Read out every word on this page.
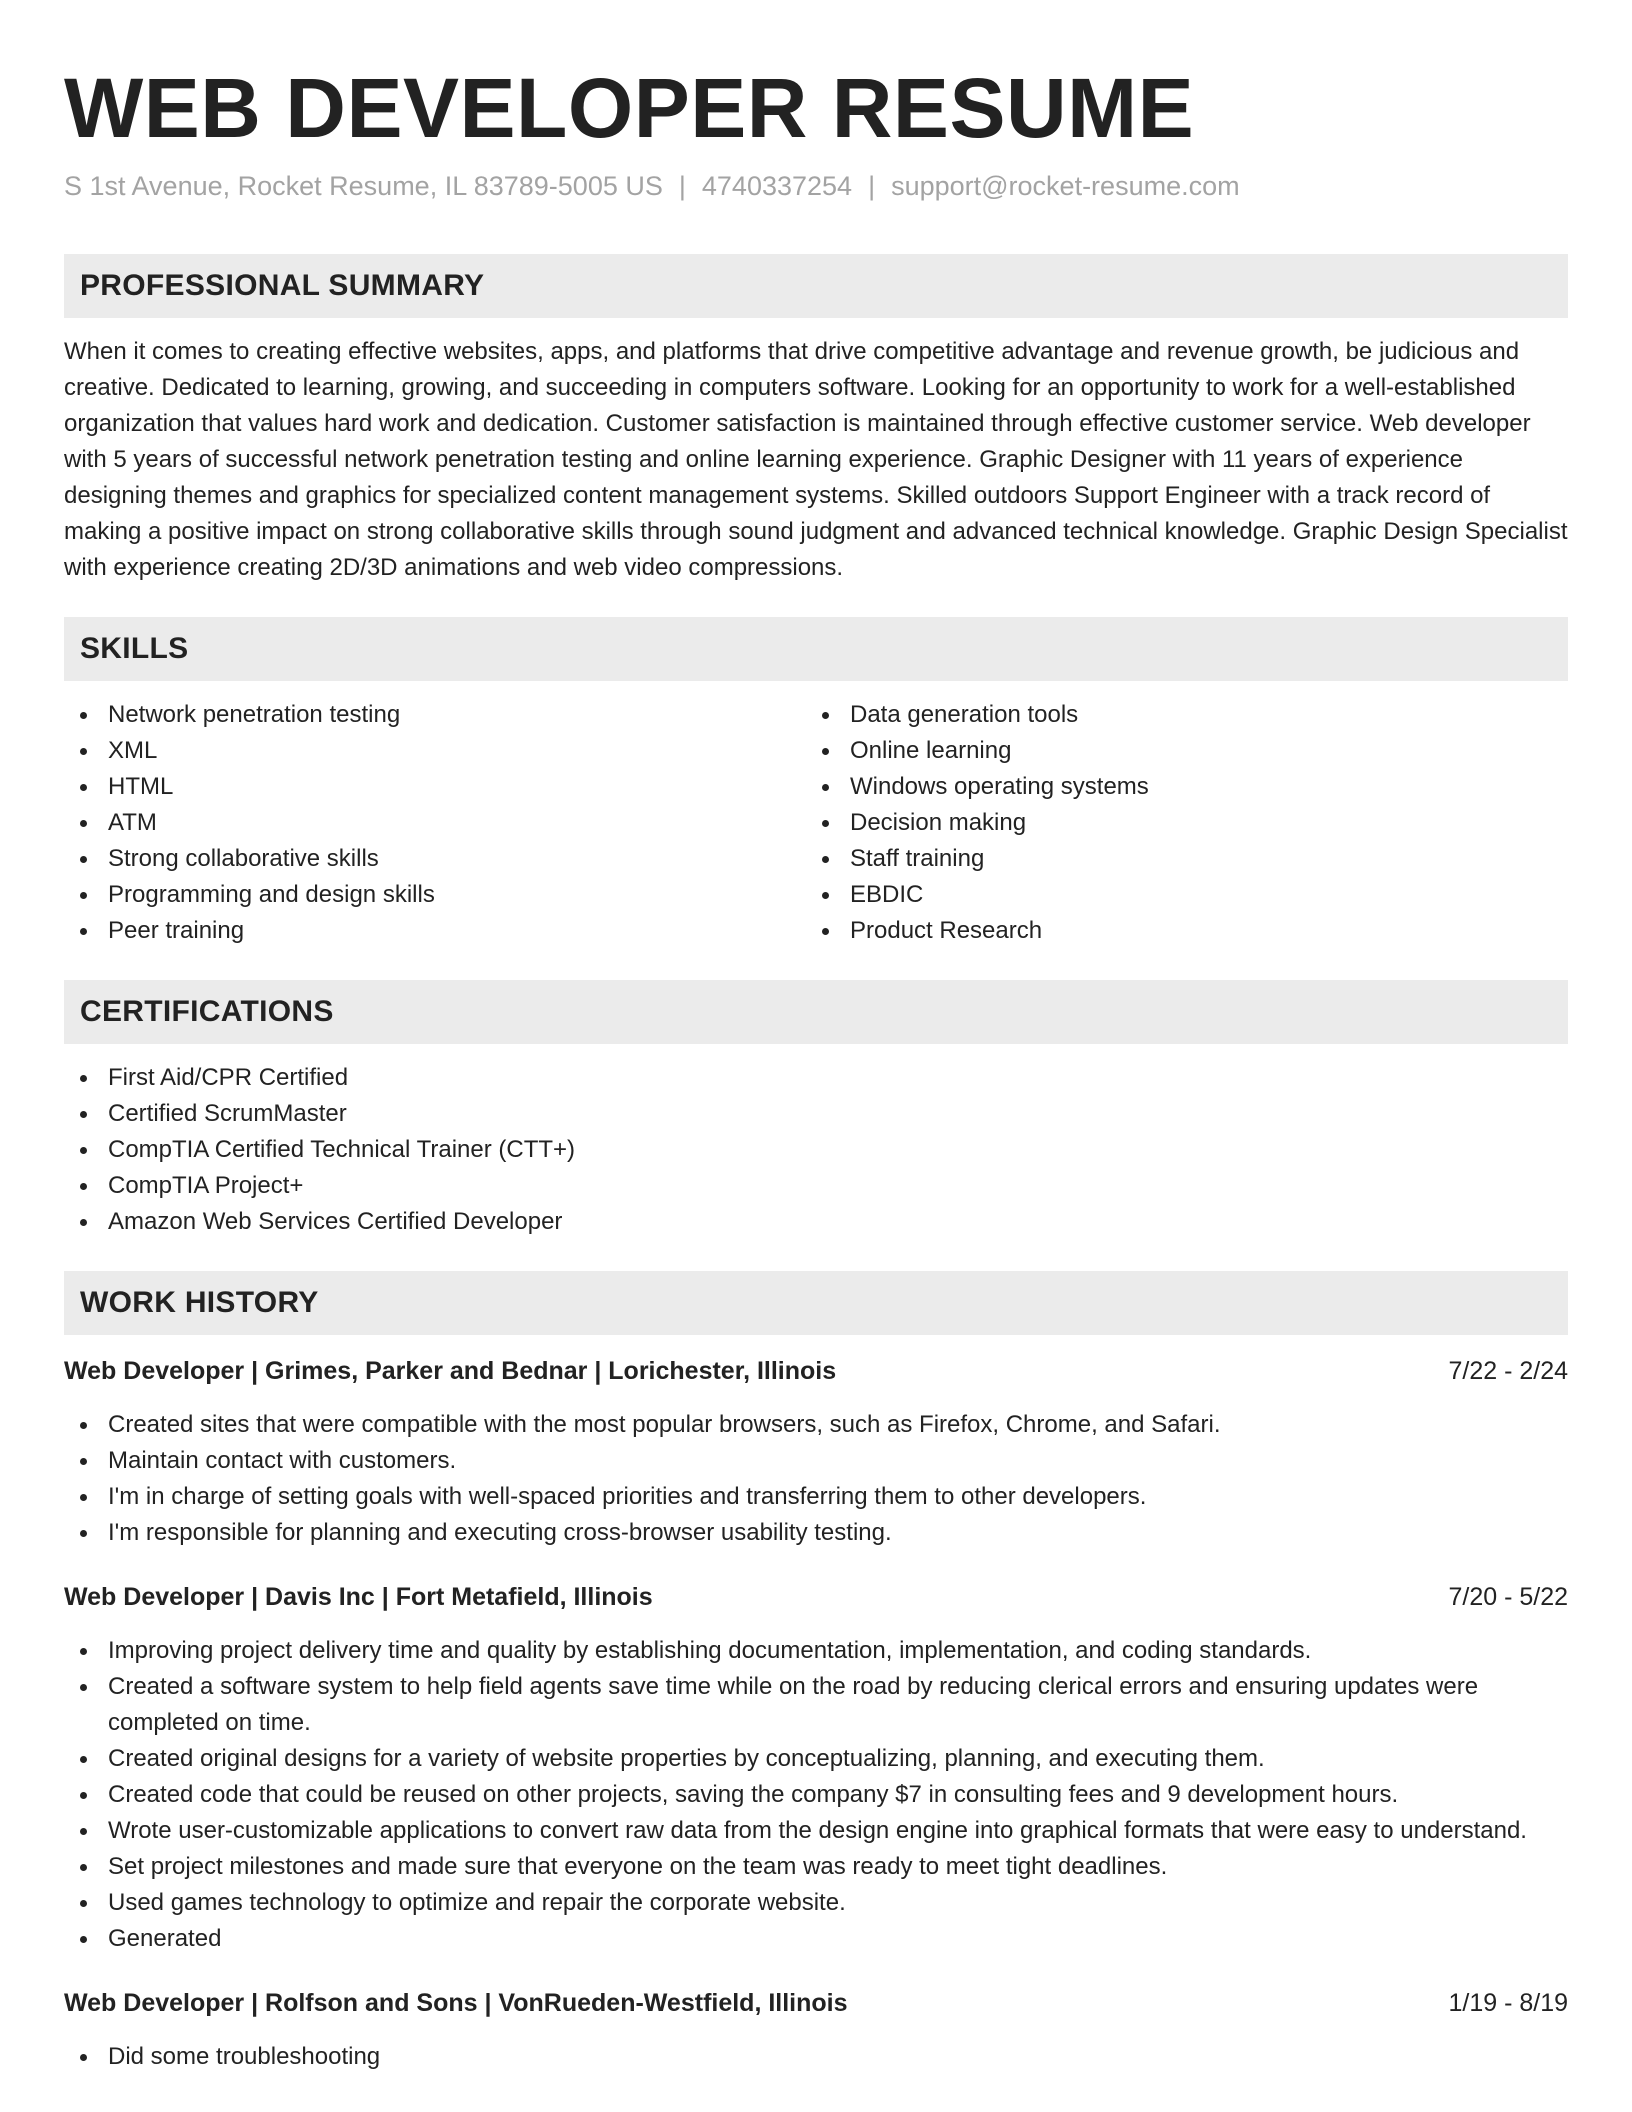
WEB DEVELOPER RESUME
S 1st Avenue, Rocket Resume, IL 83789-5005 US | 4740337254 | support@rocket-resume.com
PROFESSIONAL SUMMARY

When it comes to creating effective websites, apps, and platforms that drive competitive advantage and revenue growth, be judicious and creative. Dedicated to learning, growing, and succeeding in computers software. Looking for an opportunity to work for a well-established organization that values hard work and dedication. Customer satisfaction is maintained through effective customer service. Web developer with 5 years of successful network penetration testing and online learning experience. Graphic Designer with 11 years of experience designing themes and graphics for specialized content management systems. Skilled outdoors Support Engineer with a track record of making a positive impact on strong collaborative skills through sound judgment and advanced technical knowledge. Graphic Design Specialist with experience creating 2D/3D animations and web video compressions.

SKILLS
Network penetration testing
XML
HTML
ATM
Strong collaborative skills
Programming and design skills
Peer training
Data generation tools
Online learning
Windows operating systems
Decision making
Staff training
EBDIC
Product Research
CERTIFICATIONS
First Aid/CPR Certified
Certified ScrumMaster
CompTIA Certified Technical Trainer (CTT+)
CompTIA Project+
Amazon Web Services Certified Developer
WORK HISTORY
Web Developer | Grimes, Parker and Bednar | Lorichester, Illinois	7/22 - 2/24
Created sites that were compatible with the most popular browsers, such as Firefox, Chrome, and Safari.
Maintain contact with customers.
I'm in charge of setting goals with well-spaced priorities and transferring them to other developers.
I'm responsible for planning and executing cross-browser usability testing.
Web Developer | Davis Inc | Fort Metafield, Illinois	7/20 - 5/22
Improving project delivery time and quality by establishing documentation, implementation, and coding standards.
Created a software system to help field agents save time while on the road by reducing clerical errors and ensuring updates were completed on time.
Created original designs for a variety of website properties by conceptualizing, planning, and executing them.
Created code that could be reused on other projects, saving the company $7 in consulting fees and 9 development hours.
Wrote user-customizable applications to convert raw data from the design engine into graphical formats that were easy to understand.
Set project milestones and made sure that everyone on the team was ready to meet tight deadlines.
Used games technology to optimize and repair the corporate website.
Generated
Web Developer | Rolfson and Sons | VonRueden-Westfield, Illinois	1/19 - 8/19
Did some troubleshooting
